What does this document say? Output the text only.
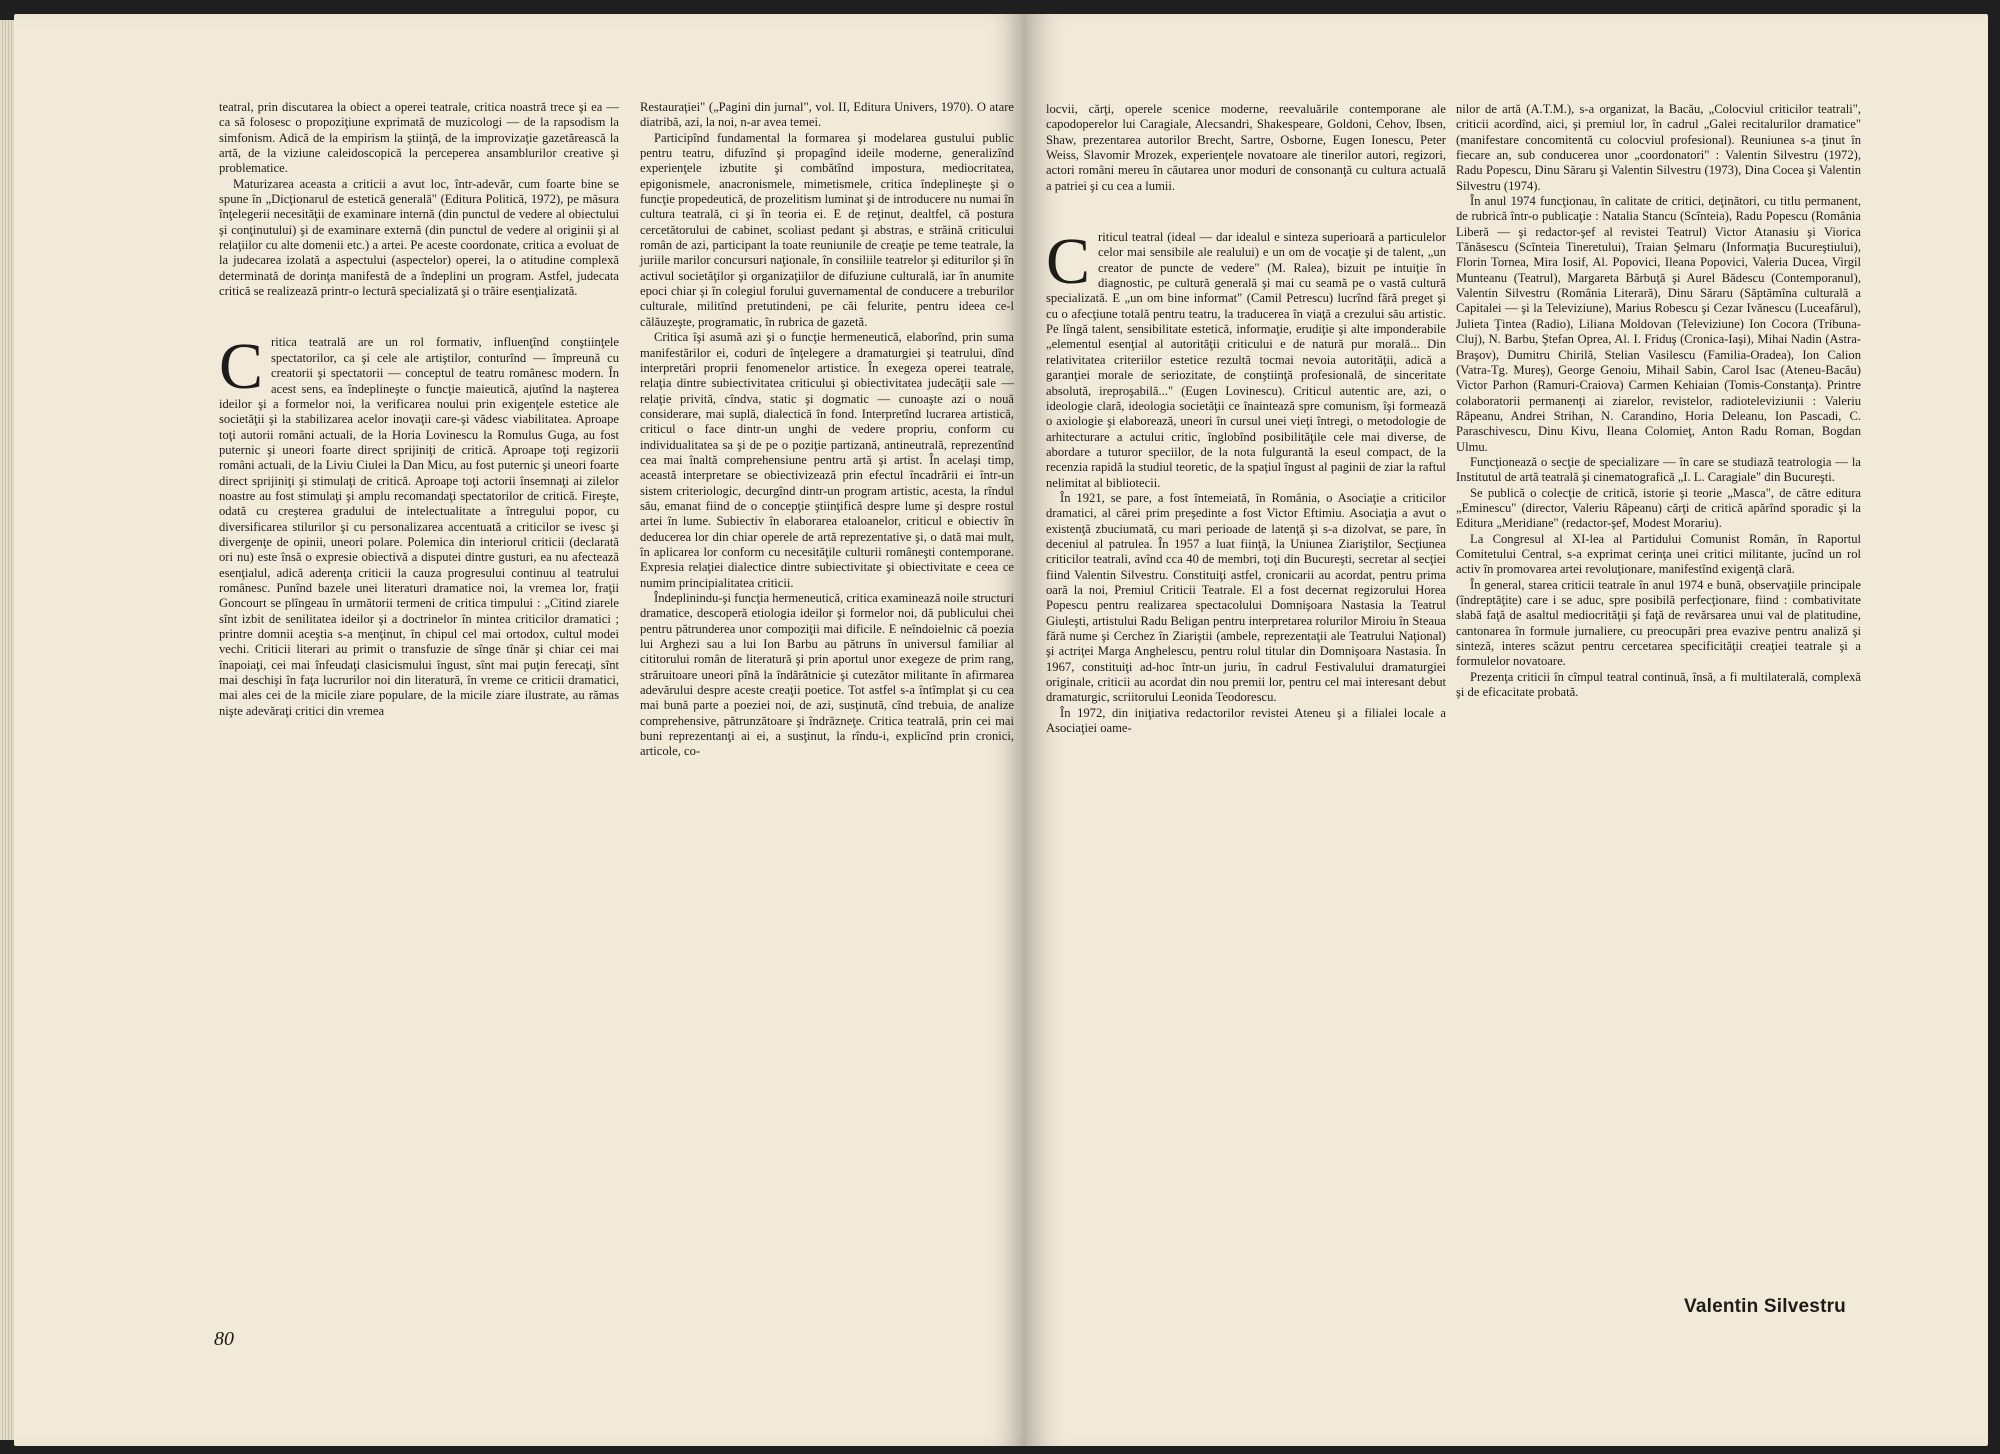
teatral, prin discutarea la obiect a operei teatrale, critica noastră trece şi ea — ca să folosesc o propoziţiune exprimată de muzicologi — de la rapsodism la simfonism. Adică de la empirism la ştiinţă, de la improvizaţie gazetărească la artă, de la viziune caleidoscopică la perceperea ansamblurilor creative şi problematice.

Maturizarea aceasta a criticii a avut loc, într-adevăr, cum foarte bine se spune în „Dicţionarul de estetică generală" (Editura Politică, 1972), pe măsura înţelegerii necesităţii de examinare internă (din punctul de vedere al obiectului şi conţinutului) şi de examinare externă (din punctul de vedere al originii şi al relaţiilor cu alte domenii etc.) a artei. Pe aceste coordonate, critica a evoluat de la judecarea izolată a aspectului (aspectelor) operei, la o atitudine complexă determinată de dorinţa manifestă de a îndeplini un program. Astfel, judecata critică se realizează printr-o lectură specializată şi o trăire esenţializată.

Critica teatrală are un rol formativ, influenţînd conştiinţele spectatorilor, ca şi cele ale artiştilor, conturînd — împreună cu creatorii şi spectatorii — conceptul de teatru românesc modern. În acest sens, ea îndeplineşte o funcţie maieutică, ajutînd la naşterea ideilor şi a formelor noi, la verificarea noului prin exigenţele estetice ale societăţii şi la stabilizarea acelor inovaţii care-şi vădesc viabilitatea. Aproape toţi autorii români actuali, de la Horia Lovinescu la Romulus Guga, au fost puternic şi uneori foarte direct sprijiniţi de critică. Aproape toţi regizorii români actuali, de la Liviu Ciulei la Dan Micu, au fost puternic şi uneori foarte direct sprijiniţi şi stimulaţi de critică. Aproape toţi actorii însemnaţi ai zilelor noastre au fost stimulaţi şi amplu recomandaţi spectatorilor de critică. Fireşte, odată cu creşterea gradului de intelectualitate a întregului popor, cu diversificarea stilurilor şi cu personalizarea accentuată a criticilor se ivesc şi divergenţe de opinii, uneori polare. Polemica din interiorul criticii (declarată ori nu) este însă o expresie obiectivă a disputei dintre gusturi, ea nu afectează esenţialul, adică aderenţa criticii la cauza progresului continuu al teatrului românesc. Punînd bazele unei literaturi dramatice noi, la vremea lor, fraţii Goncourt se plîngeau în următorii termeni de critica timpului : „Citind ziarele sînt izbit de senilitatea ideilor şi a doctrinelor în mintea criticilor dramatici ; printre domnii aceştia s-a menţinut, în chipul cel mai ortodox, cultul modei vechi. Criticii literari au primit o transfuzie de sînge tînăr şi chiar cei mai înapoiaţi, cei mai înfeudaţi clasicismului îngust, sînt mai puţin ferecaţi, sînt mai deschişi în faţa lucrurilor noi din literatură, în vreme ce criticii dramatici, mai ales cei de la micile ziare populare, de la micile ziare ilustrate, au rămas nişte adevăraţi critici din vremea

Restauraţiei" („Pagini din jurnal", vol. II, Editura Univers, 1970). O atare diatribă, azi, la noi, n-ar avea temei.

Participînd fundamental la formarea şi modelarea gustului public pentru teatru, difuzînd şi propagînd ideile moderne, generalizînd experienţele izbutite şi combătînd impostura, mediocritatea, epigonismele, anacronismele, mimetismele, critica îndeplineşte şi o funcţie propedeutică, de prozelitism luminat şi de introducere nu numai în cultura teatrală, ci şi în teoria ei. E de reţinut, dealtfel, că postura cercetătorului de cabinet, scoliast pedant şi abstras, e străină criticului român de azi, participant la toate reuniunile de creaţie pe teme teatrale, la juriile marilor concursuri naţionale, în consiliile teatrelor şi editurilor şi în activul societăţilor şi organizaţiilor de difuziune culturală, iar în anumite epoci chiar şi în colegiul forului guvernamental de conducere a treburilor culturale, militînd pretutindeni, pe căi felurite, pentru ideea ce-l călăuzeşte, programatic, în rubrica de gazetă.

Critica îşi asumă azi şi o funcţie hermeneutică, elaborînd, prin suma manifestărilor ei, coduri de înţelegere a dramaturgiei şi teatrului, dînd interpretări proprii fenomenelor artistice. În exegeza operei teatrale, relaţia dintre subiectivitatea criticului şi obiectivitatea judecăţii sale — relaţie privită, cîndva, static şi dogmatic — cunoaşte azi o nouă considerare, mai suplă, dialectică în fond. Interpretînd lucrarea artistică, criticul o face dintr-un unghi de vedere propriu, conform cu individualitatea sa şi de pe o poziţie partizană, antineutrală, reprezentînd cea mai înaltă comprehensiune pentru artă şi artist. În acelaşi timp, această interpretare se obiectivizează prin efectul încadrării ei într-un sistem criteriologic, decurgînd dintr-un program artistic, acesta, la rîndul său, emanat fiind de o concepţie ştiinţifică despre lume şi despre rostul artei în lume. Subiectiv în elaborarea etaloanelor, criticul e obiectiv în deducerea lor din chiar operele de artă reprezentative şi, o dată mai mult, în aplicarea lor conform cu necesităţile culturii româneşti contemporane. Expresia relaţiei dialectice dintre subiectivitate şi obiectivitate e ceea ce numim principialitatea criticii.

Îndeplinindu-şi funcţia hermeneutică, critica examinează noile structuri dramatice, descoperă etiologia ideilor şi formelor noi, dă publicului chei pentru pătrunderea unor compoziţii mai dificile. E neîndoielnic că poezia lui Arghezi sau a lui Ion Barbu au pătruns în universul familiar al cititorului român de literatură şi prin aportul unor exegeze de prim rang, străruitoare uneori pînă la îndărătnicie şi cutezător militante în afirmarea adevărului despre aceste creaţii poetice. Tot astfel s-a întîmplat şi cu cea mai bună parte a poeziei noi, de azi, susţinută, cînd trebuia, de analize comprehensive, pătrunzătoare şi îndrăzneţe. Critica teatrală, prin cei mai buni reprezentanţi ai ei, a susţinut, la rîndu-i, explicînd prin cronici, articole, co-

80

locvii, cărţi, operele scenice moderne, reevaluările contemporane ale capodoperelor lui Caragiale, Alecsandri, Shakespeare, Goldoni, Cehov, Ibsen, Shaw, prezentarea autorilor Brecht, Sartre, Osborne, Eugen Ionescu, Peter Weiss, Slavomir Mrozek, experienţele novatoare ale tinerilor autori, regizori, actori români mereu în căutarea unor moduri de consonanţă cu cultura actuală a patriei şi cu cea a lumii.

Criticul teatral (ideal — dar idealul e sinteza superioară a particulelor celor mai sensibile ale realului) e un om de vocaţie şi de talent, „un creator de puncte de vedere" (M. Ralea), bizuit pe intuiţie în diagnostic, pe cultură generală şi mai cu seamă pe o vastă cultură specializată. E „un om bine informat" (Camil Petrescu) lucrînd fără preget şi cu o afecţiune totală pentru teatru, la traducerea în viaţă a crezului său artistic. Pe lîngă talent, sensibilitate estetică, informaţie, erudiţie şi alte imponderabile „elementul esenţial al autorităţii criticului e de natură pur morală... Din relativitatea criteriilor estetice rezultă tocmai nevoia autorităţii, adică a garanţiei morale de seriozitate, de conştiinţă profesională, de sinceritate absolută, ireproşabilă..." (Eugen Lovinescu). Criticul autentic are, azi, o ideologie clară, ideologia societăţii ce înaintează spre comunism, îşi formează o axiologie şi elaborează, uneori în cursul unei vieţi întregi, o metodologie de arhitecturare a actului critic, înglobînd posibilităţile cele mai diverse, de abordare a tuturor speciilor, de la nota fulgurantă la eseul compact, de la recenzia rapidă la studiul teoretic, de la spaţiul îngust al paginii de ziar la raftul nelimitat al bibliotecii.

În 1921, se pare, a fost întemeiată, în România, o Asociaţie a criticilor dramatici, al cărei prim preşedinte a fost Victor Eftimiu. Asociaţia a avut o existenţă zbuciumată, cu mari perioade de latenţă şi s-a dizolvat, se pare, în deceniul al patrulea. În 1957 a luat fiinţă, la Uniunea Ziariştilor, Secţiunea criticilor teatrali, avînd cca 40 de membri, toţi din Bucureşti, secretar al secţiei fiind Valentin Silvestru. Constituiţi astfel, cronicarii au acordat, pentru prima oară la noi, Premiul Criticii Teatrale. El a fost decernat regizorului Horea Popescu pentru realizarea spectacolului Domnişoara Nastasia la Teatrul Giuleşti, artistului Radu Beligan pentru interpretarea rolurilor Miroiu în Steaua fără nume şi Cerchez în Ziariştii (ambele, reprezentaţii ale Teatrului Naţional) şi actriţei Marga Anghelescu, pentru rolul titular din Domnişoara Nastasia. În 1967, constituiţi ad-hoc într-un juriu, în cadrul Festivalului dramaturgiei originale, criticii au acordat din nou premii lor, pentru cel mai interesant debut dramaturgic, scriitorului Leonida Teodorescu.

În 1972, din iniţiativa redactorilor revistei Ateneu şi a filialei locale a Asociaţiei oame-

nilor de artă (A.T.M.), s-a organizat, la Bacău, „Colocviul criticilor teatrali", criticii acordînd, aici, şi premiul lor, în cadrul „Galei recitalurilor dramatice" (manifestare concomitentă cu colocviul profesional). Reuniunea s-a ţinut în fiecare an, sub conducerea unor „coordonatori" : Valentin Silvestru (1972), Radu Popescu, Dinu Săraru şi Valentin Silvestru (1973), Dina Cocea şi Valentin Silvestru (1974).

În anul 1974 funcţionau, în calitate de critici, deţinători, cu titlu permanent, de rubrică într-o publicaţie : Natalia Stancu (Scînteia), Radu Popescu (România Liberă — şi redactor-şef al revistei Teatrul) Victor Atanasiu şi Viorica Tănăsescu (Scînteia Tineretului), Traian Şelmaru (Informaţia Bucureştiului), Florin Tornea, Mira Iosif, Al. Popovici, Ileana Popovici, Valeria Ducea, Virgil Munteanu (Teatrul), Margareta Bărbuţă şi Aurel Bădescu (Contemporanul), Valentin Silvestru (România Literară), Dinu Săraru (Săptămîna culturală a Capitalei — şi la Televiziune), Marius Robescu şi Cezar Ivănescu (Luceafărul), Julieta Ţintea (Radio), Liliana Moldovan (Televiziune) Ion Cocora (Tribuna-Cluj), N. Barbu, Ştefan Oprea, Al. I. Friduş (Cronica-Iaşi), Mihai Nadin (Astra-Braşov), Dumitru Chirilă, Stelian Vasilescu (Familia-Oradea), Ion Calion (Vatra-Tg. Mureş), George Genoiu, Mihail Sabin, Carol Isac (Ateneu-Bacău) Victor Parhon (Ramuri-Craiova) Carmen Kehiaian (Tomis-Constanţa). Printre colaboratorii permanenţi ai ziarelor, revistelor, radioteleviziunii : Valeriu Râpeanu, Andrei Strihan, N. Carandino, Horia Deleanu, Ion Pascadi, C. Paraschivescu, Dinu Kivu, Ileana Colomieţ, Anton Radu Roman, Bogdan Ulmu.

Funcţionează o secţie de specializare — în care se studiază teatrologia — la Institutul de artă teatrală şi cinematografică „I. L. Caragiale" din Bucureşti.

Se publică o colecţie de critică, istorie şi teorie „Masca", de către editura „Eminescu" (director, Valeriu Râpeanu) cărţi de critică apărînd sporadic şi la Editura „Meridiane" (redactor-şef, Modest Morariu).

La Congresul al XI-lea al Partidului Comunist Român, în Raportul Comitetului Central, s-a exprimat cerinţa unei critici militante, jucînd un rol activ în promovarea artei revoluţionare, manifestînd exigenţă clară.

În general, starea criticii teatrale în anul 1974 e bună, observaţiile principale (îndreptăţite) care i se aduc, spre posibilă perfecţionare, fiind : combativitate slabă faţă de asaltul mediocrităţii şi faţă de revărsarea unui val de platitudine, cantonarea în formule jurnaliere, cu preocupări prea evazive pentru analiză şi sinteză, interes scăzut pentru cercetarea specificităţii creaţiei teatrale şi a formulelor novatoare.

Prezenţa criticii în cîmpul teatral continuă, însă, a fi multilaterală, complexă şi de eficacitate probată.

Valentin Silvestru
